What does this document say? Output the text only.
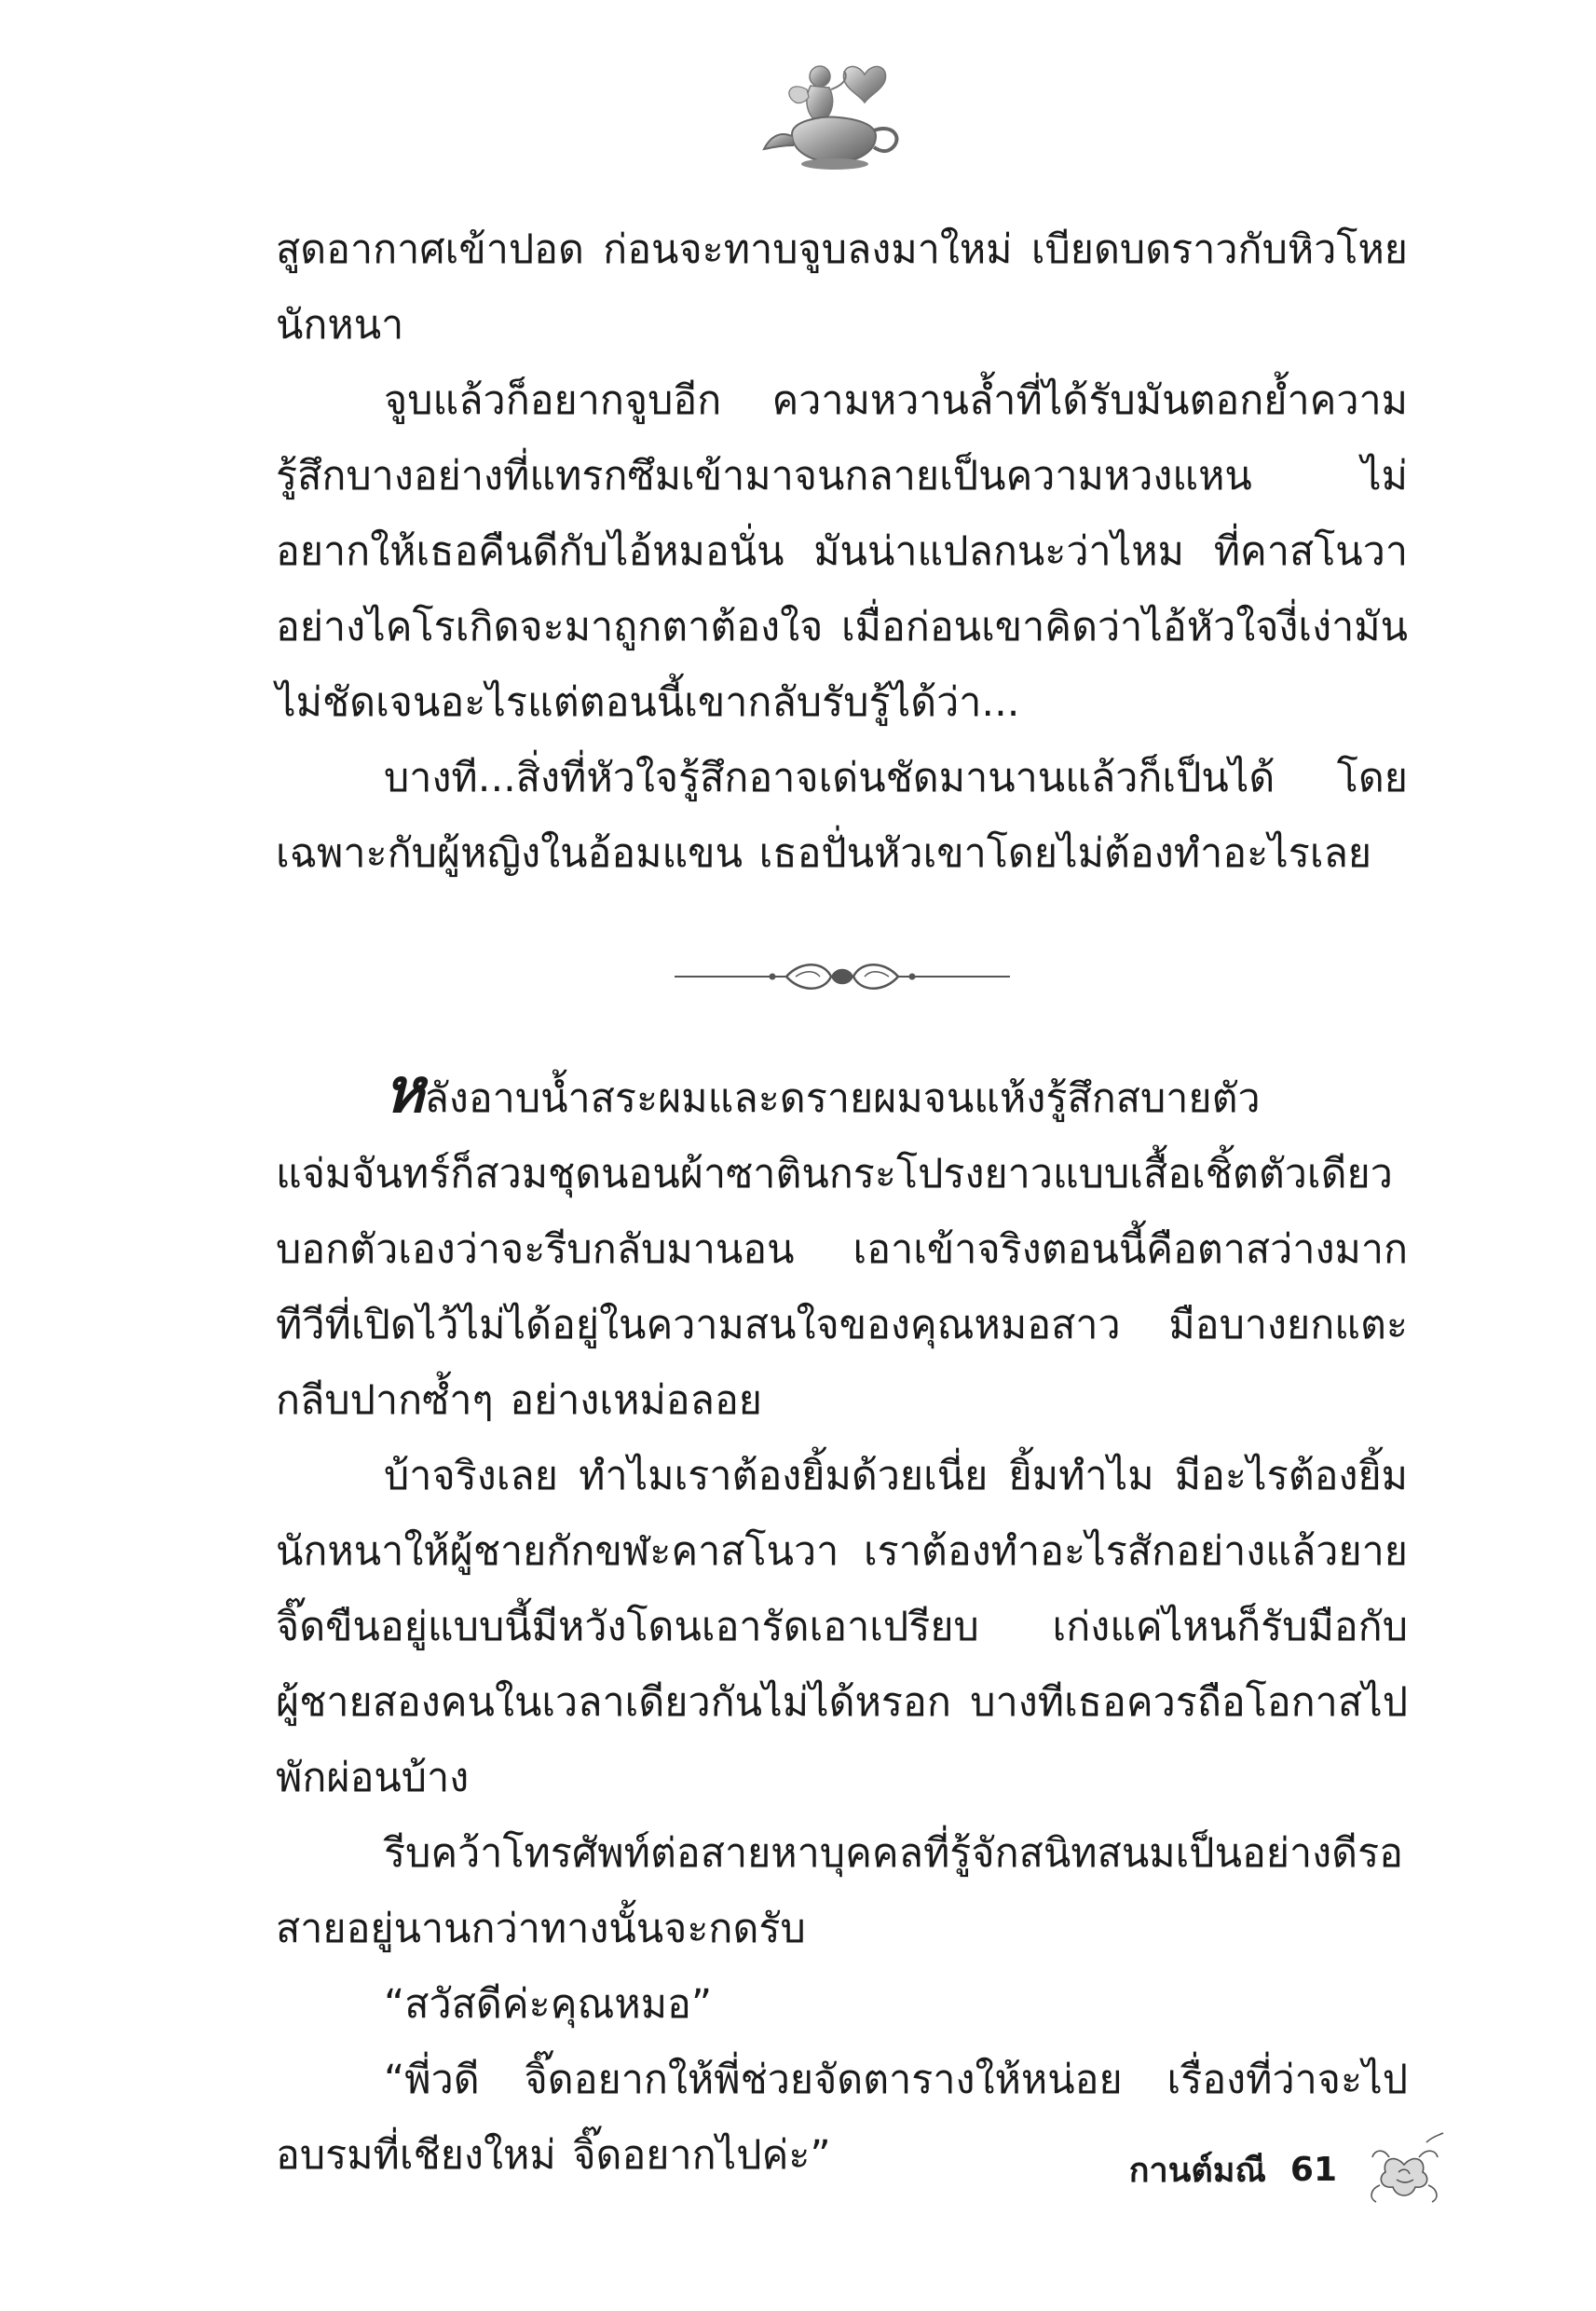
สูดอากาศเข้าปอด ก่อนจะทาบจูบลงมาใหม่ เบียดบดราวกับหิวโหยนักหนา

จูบแล้วก็อยากจูบอีก ความหวานล้ำที่ได้รับมันตอกย้ำความรู้สึกบางอย่างที่แทรกซึมเข้ามาจนกลายเป็นความหวงแหน ไม่อยากให้เธอคืนดีกับไอ้หมอนั่น มันน่าแปลกนะว่าไหม ที่คาสโนวาอย่างไคโรเกิดจะมาถูกตาต้องใจ เมื่อก่อนเขาคิดว่าไอ้หัวใจงี่เง่ามันไม่ชัดเจนอะไรแต่ตอนนี้เขากลับรับรู้ได้ว่า...

บางที...สิ่งที่หัวใจรู้สึกอาจเด่นชัดมานานแล้วก็เป็นได้ โดยเฉพาะกับผู้หญิงในอ้อมแขน เธอปั่นหัวเขาโดยไม่ต้องทำอะไรเลย

หลังอาบน้ำสระผมและดรายผมจนแห้งรู้สึกสบายตัว แจ่มจันทร์ก็สวมชุดนอนผ้าซาตินกระโปรงยาวแบบเสื้อเชิ้ตตัวเดียว บอกตัวเองว่าจะรีบกลับมานอน เอาเข้าจริงตอนนี้คือตาสว่างมาก ทีวีที่เปิดไว้ไม่ได้อยู่ในความสนใจของคุณหมอสาว มือบางยกแตะกลีบปากซ้ำๆ อย่างเหม่อลอย

บ้าจริงเลย ทำไมเราต้องยิ้มด้วยเนี่ย ยิ้มทำไม มีอะไรต้องยิ้มนักหนาให้ผู้ชายกักขฬะคาสโนวา เราต้องทำอะไรสักอย่างแล้วยายจิ๊ดขืนอยู่แบบนี้มีหวังโดนเอารัดเอาเปรียบ เก่งแค่ไหนก็รับมือกับผู้ชายสองคนในเวลาเดียวกันไม่ได้หรอก บางทีเธอควรถือโอกาสไปพักผ่อนบ้าง

รีบคว้าโทรศัพท์ต่อสายหาบุคคลที่รู้จักสนิทสนมเป็นอย่างดีรอสายอยู่นานกว่าทางนั้นจะกดรับ

“สวัสดีค่ะคุณหมอ”

“พี่วดี จิ๊ดอยากให้พี่ช่วยจัดตารางให้หน่อย เรื่องที่ว่าจะไปอบรมที่เชียงใหม่ จิ๊ดอยากไปค่ะ”	กานต์มณี 61
